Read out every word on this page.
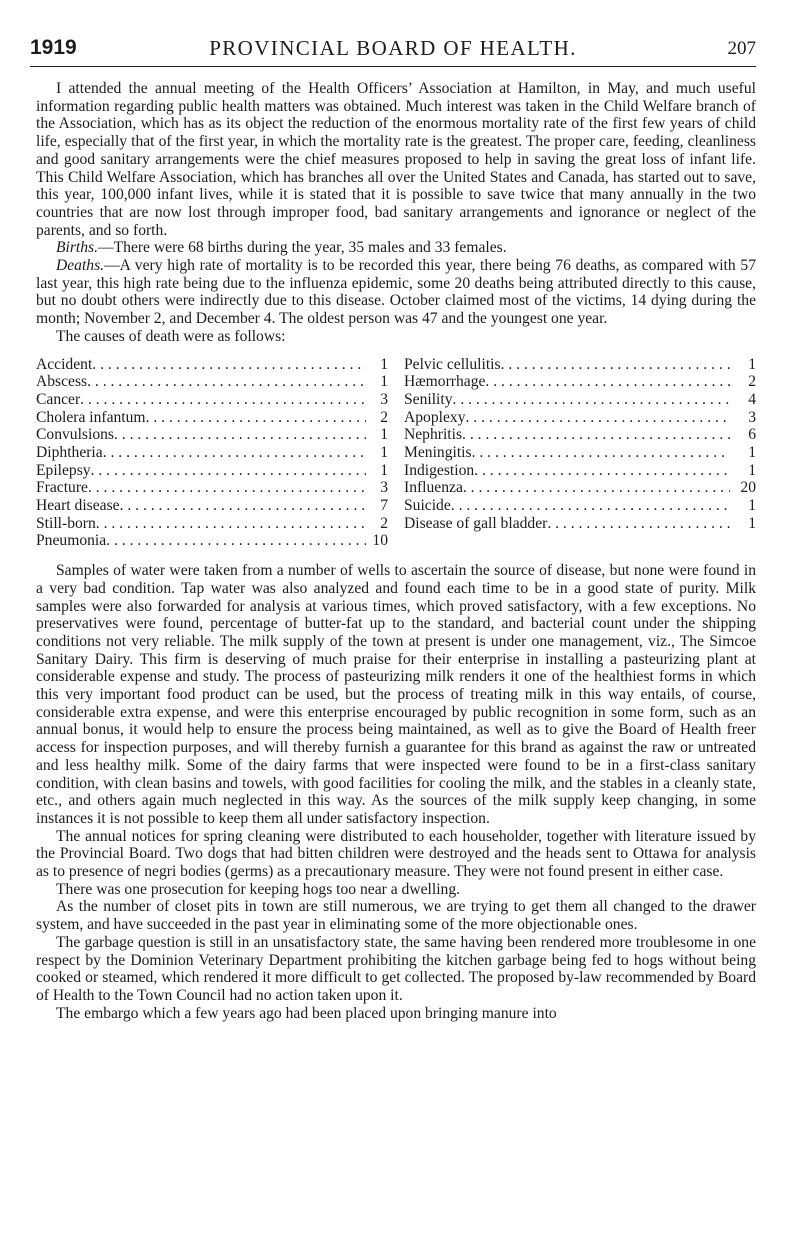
1919	PROVINCIAL BOARD OF HEALTH.	207

I attended the annual meeting of the Health Officers’ Association at Hamilton, in May, and much useful information regarding public health matters was obtained. Much interest was taken in the Child Welfare branch of the Association, which has as its object the reduction of the enormous mortality rate of the first few years of child life, especially that of the first year, in which the mortality rate is the greatest. The proper care, feeding, cleanliness and good sanitary arrangements were the chief measures proposed to help in saving the great loss of infant life. This Child Welfare Association, which has branches all over the United States and Canada, has started out to save, this year, 100,000 infant lives, while it is stated that it is possible to save twice that many annually in the two countries that are now lost through improper food, bad sanitary arrangements and ignorance or neglect of the parents, and so forth.

Births.—There were 68 births during the year, 35 males and 33 females.

Deaths.—A very high rate of mortality is to be recorded this year, there being 76 deaths, as compared with 57 last year, this high rate being due to the influenza epidemic, some 20 deaths being attributed directly to this cause, but no doubt others were indirectly due to this disease. October claimed most of the victims, 14 dying during the month; November 2, and December 4. The oldest person was 47 and the youngest one year.

The causes of death were as follows:

Accident . . .	1
Abscess . . .	1
Cancer . . .	3
Cholera infantum . . .	2
Convulsions . . .	1
Diphtheria . . .	1
Epilepsy . . .	1
Fracture . . .	3
Heart disease . . .	7
Still-born . . .	2
Pneumonia . . .	10
Pelvic cellulitis . . .	1
Hæmorrhage . . .	2
Senility . . .	4
Apoplexy . . .	3
Nephritis . . .	6
Meningitis . . .	1
Indigestion . . .	1
Influenza . . .	20
Suicide . . .	1
Disease of gall bladder . . .	1

Samples of water were taken from a number of wells to ascertain the source of disease, but none were found in a very bad condition. Tap water was also analyzed and found each time to be in a good state of purity. Milk samples were also forwarded for analysis at various times, which proved satisfactory, with a few exceptions. No preservatives were found, percentage of butter-fat up to the standard, and bacterial count under the shipping conditions not very reliable. The milk supply of the town at present is under one management, viz., The Simcoe Sanitary Dairy. This firm is deserving of much praise for their enterprise in installing a pasteurizing plant at considerable expense and study. The process of pasteurizing milk renders it one of the healthiest forms in which this very important food product can be used, but the process of treating milk in this way entails, of course, considerable extra expense, and were this enterprise encouraged by public recognition in some form, such as an annual bonus, it would help to ensure the process being maintained, as well as to give the Board of Health freer access for inspection purposes, and will thereby furnish a guarantee for this brand as against the raw or untreated and less healthy milk. Some of the dairy farms that were inspected were found to be in a first-class sanitary condition, with clean basins and towels, with good facilities for cooling the milk, and the stables in a cleanly state, etc., and others again much neglected in this way. As the sources of the milk supply keep changing, in some instances it is not possible to keep them all under satisfactory inspection.

The annual notices for spring cleaning were distributed to each householder, together with literature issued by the Provincial Board. Two dogs that had bitten children were destroyed and the heads sent to Ottawa for analysis as to presence of negri bodies (germs) as a precautionary measure. They were not found present in either case.

There was one prosecution for keeping hogs too near a dwelling.

As the number of closet pits in town are still numerous, we are trying to get them all changed to the drawer system, and have succeeded in the past year in eliminating some of the more objectionable ones.

The garbage question is still in an unsatisfactory state, the same having been rendered more troublesome in one respect by the Dominion Veterinary Department prohibiting the kitchen garbage being fed to hogs without being cooked or steamed, which rendered it more difficult to get collected. The proposed by-law recommended by Board of Health to the Town Council had no action taken upon it.

The embargo which a few years ago had been placed upon bringing manure into
